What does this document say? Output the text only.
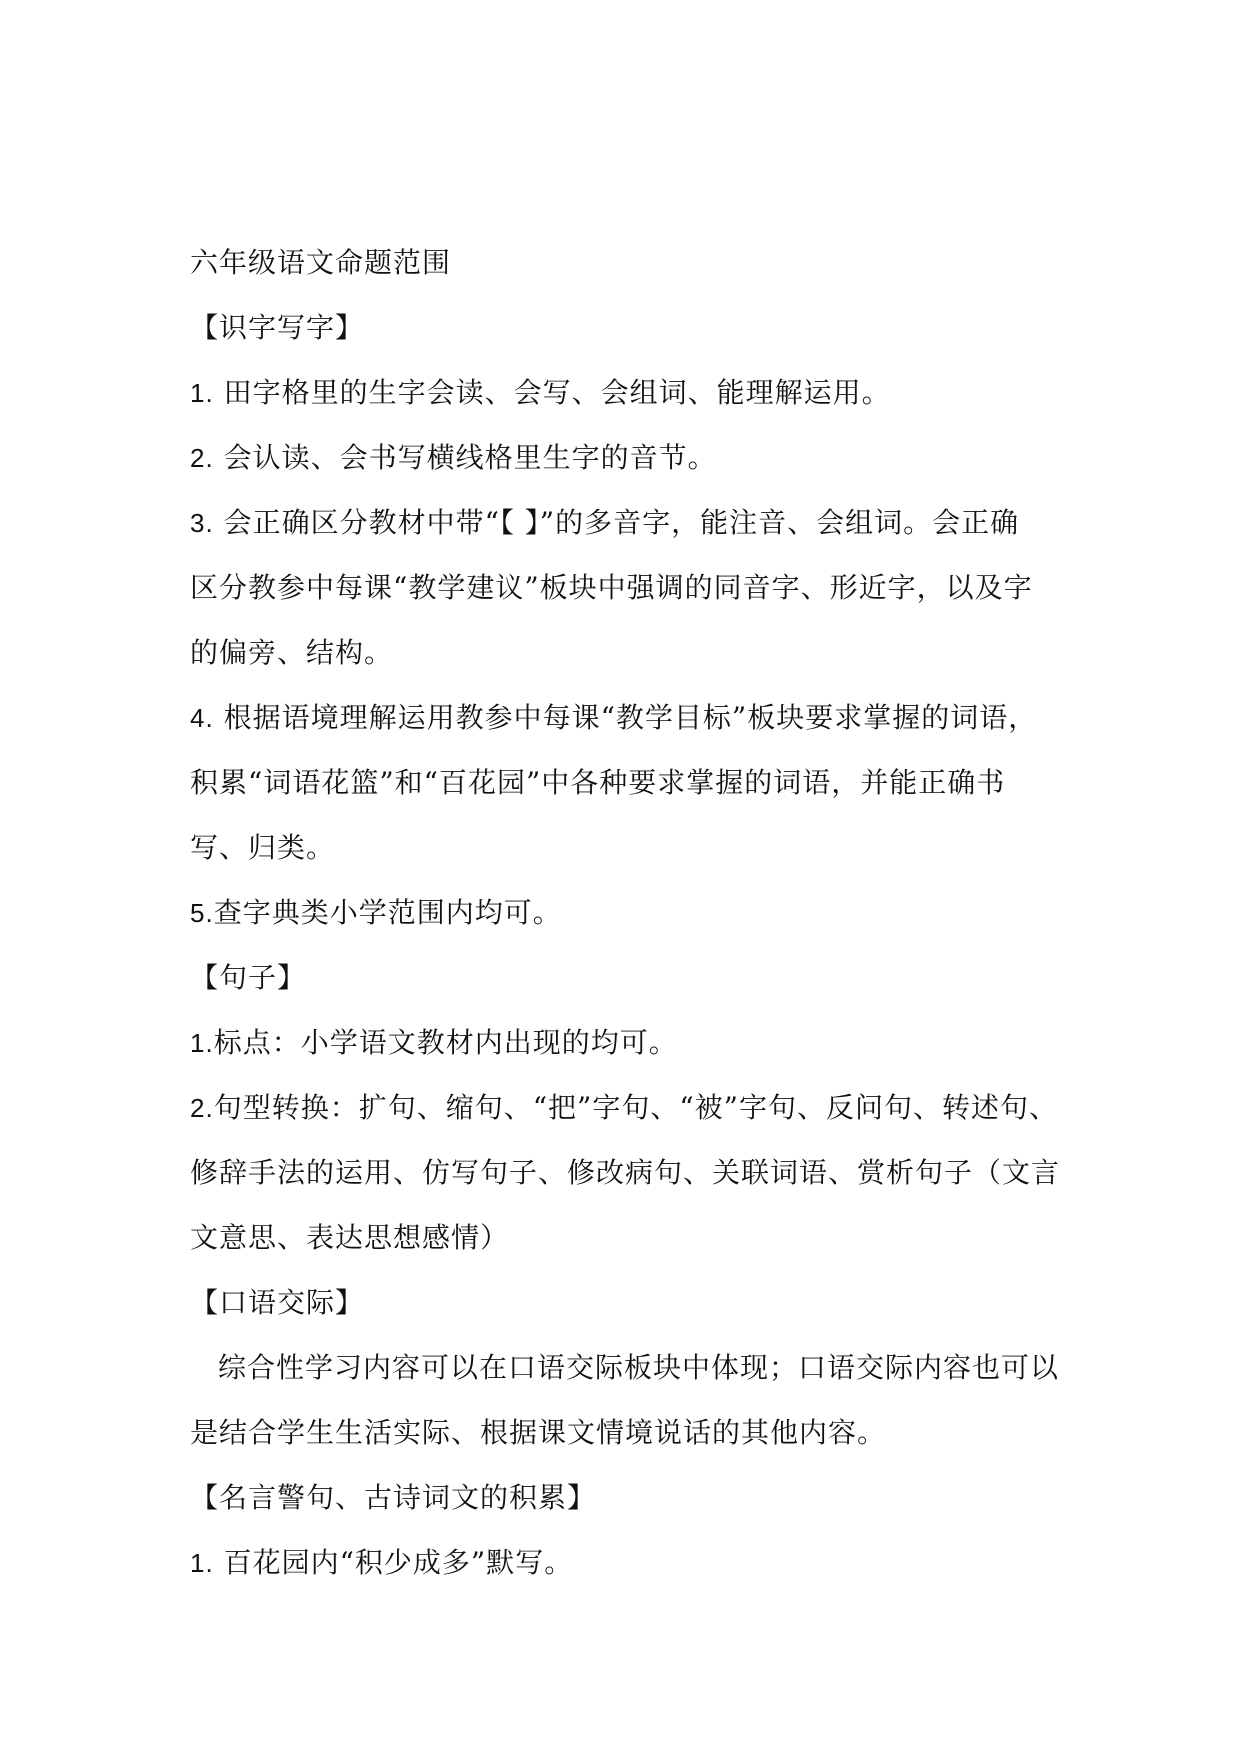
六年级语文命题范围
【识字写字】
1. 田字格里的生字会读、会写、会组词、能理解运用。
2. 会认读、会书写横线格里生字的音节。
3. 会正确区分教材中带“【 】”的多音字，能注音、会组词。会正确
区分教参中每课“教学建议”板块中强调的同音字、形近字，以及字
的偏旁、结构。
4. 根据语境理解运用教参中每课“教学目标”板块要求掌握的词语，
积累“词语花篮”和“百花园”中各种要求掌握的词语，并能正确书
写、归类。
5.查字典类小学范围内均可。
【句子】
1.标点：小学语文教材内出现的均可。
2.句型转换：扩句、缩句、“把”字句、“被”字句、反问句、转述句、
修辞手法的运用、仿写句子、修改病句、关联词语、赏析句子（文言
文意思、表达思想感情）
【口语交际】
综合性学习内容可以在口语交际板块中体现；口语交际内容也可以
是结合学生生活实际、根据课文情境说话的其他内容。
【名言警句、古诗词文的积累】
1. 百花园内“积少成多”默写。
